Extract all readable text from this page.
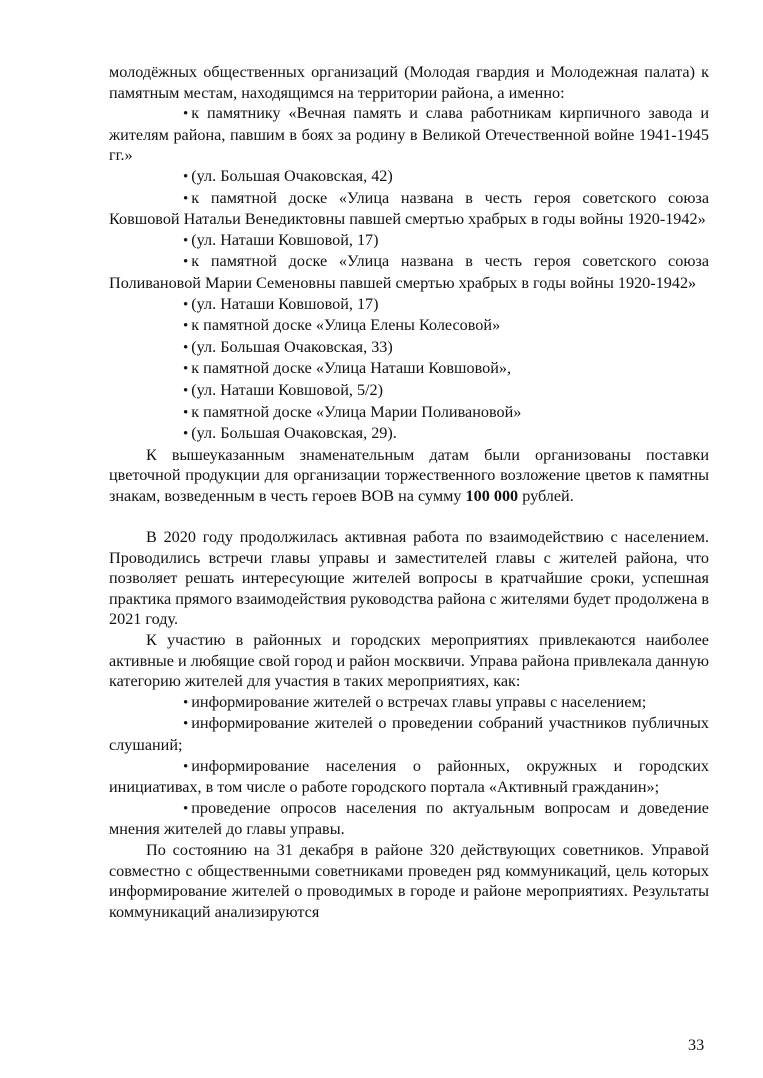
молодёжных общественных организаций (Молодая гвардия и Молодежная палата) к памятным местам, находящимся на территории района, а именно:

• к памятнику «Вечная память и слава работникам кирпичного завода и жителям района, павшим в боях за родину в Великой Отечественной войне 1941-1945 гг.»

• (ул. Большая Очаковская, 42)

• к памятной доске «Улица названа в честь героя советского союза Ковшовой Натальи Венедиктовны павшей смертью храбрых в годы войны 1920-1942»

• (ул. Наташи Ковшовой, 17)

• к памятной доске «Улица названа в честь героя советского союза Поливановой Марии Семеновны павшей смертью храбрых в годы войны 1920-1942»

• (ул. Наташи Ковшовой, 17)

• к памятной доске «Улица Елены Колесовой»

• (ул. Большая Очаковская, 33)

• к памятной доске «Улица Наташи Ковшовой»,

• (ул. Наташи Ковшовой, 5/2)

• к памятной доске «Улица Марии Поливановой»

• (ул. Большая Очаковская, 29).

К вышеуказанным знаменательным датам были организованы поставки цветочной продукции для организации торжественного возложение цветов к памятны знакам, возведенным в честь героев ВОВ на сумму 100 000 рублей.

В 2020 году продолжилась активная работа по взаимодействию с населением. Проводились встречи главы управы и заместителей главы с жителей района, что позволяет решать интересующие жителей вопросы в кратчайшие сроки, успешная практика прямого взаимодействия руководства района с жителями будет продолжена в 2021 году.

К участию в районных и городских мероприятиях привлекаются наиболее активные и любящие свой город и район москвичи. Управа района привлекала данную категорию жителей для участия в таких мероприятиях, как:

• информирование жителей о встречах главы управы с населением;

• информирование жителей о проведении собраний участников публичных слушаний;

• информирование населения о районных, окружных и городских инициативах, в том числе о работе городского портала «Активный гражданин»;

• проведение опросов населения по актуальным вопросам и доведение мнения жителей до главы управы.

По состоянию на 31 декабря в районе 320 действующих советников. Управой совместно с общественными советниками проведен ряд коммуникаций, цель которых информирование жителей о проводимых в городе и районе мероприятиях. Результаты коммуникаций анализируются

33
